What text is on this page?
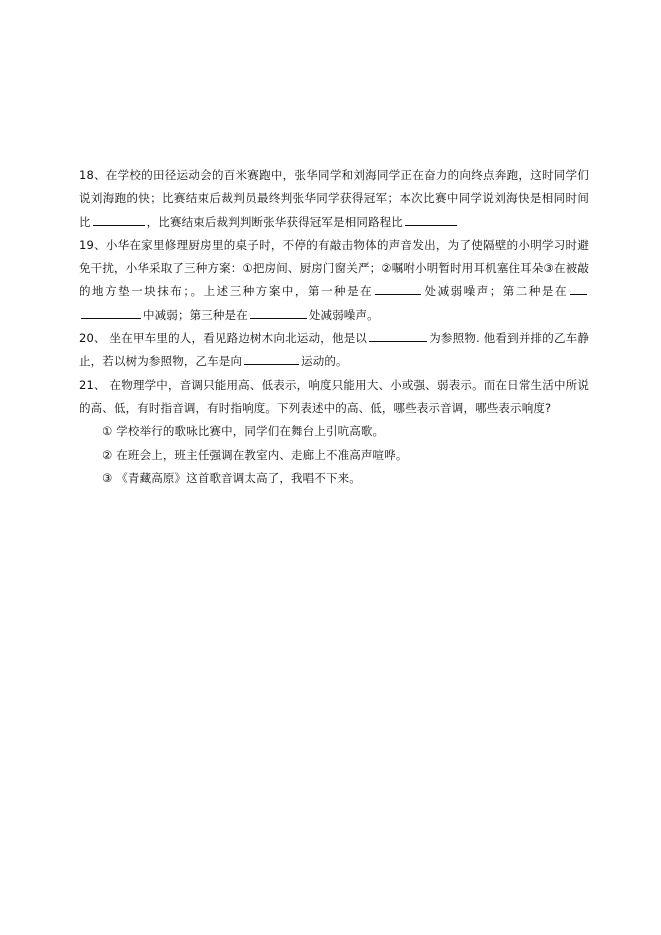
18、在学校的田径运动会的百米赛跑中，张华同学和刘海同学正在奋力的向终点奔跑，这时同学们说刘海跑的快；比赛结束后裁判员最终判张华同学获得冠军；本次比赛中同学说刘海快是相同时间比	，比赛结束后裁判判断张华获得冠军是相同路程比

19、小华在家里修理厨房里的桌子时，不停的有敲击物体的声音发出，为了使隔壁的小明学习时避免干扰，小华采取了三种方案：①把房间、厨房门窗关严；②嘱咐小明暂时用耳机塞住耳朵③在被敲的地方垫一块抹布；。上述三种方案中，第一种是在	处减弱噪声；第二种是在中减弱；第三种是在	处减弱噪声。

20、 坐在甲车里的人，看见路边树木向北运动，他是以	为参照物. 他看到并排的乙车静止，若以树为参照物，乙车是向	运动的。

21、 在物理学中，音调只能用高、低表示，响度只能用大、小或强、弱表示。而在日常生活中所说的高、低，有时指音调，有时指响度。下列表述中的高、低，哪些表示音调，哪些表示响度?

① 学校举行的歌咏比赛中，同学们在舞台上引吭高歌。

② 在班会上，班主任强调在教室内、走廊上不准高声喧哗。

③ 《青藏高原》这首歌音调太高了，我唱不下来。
